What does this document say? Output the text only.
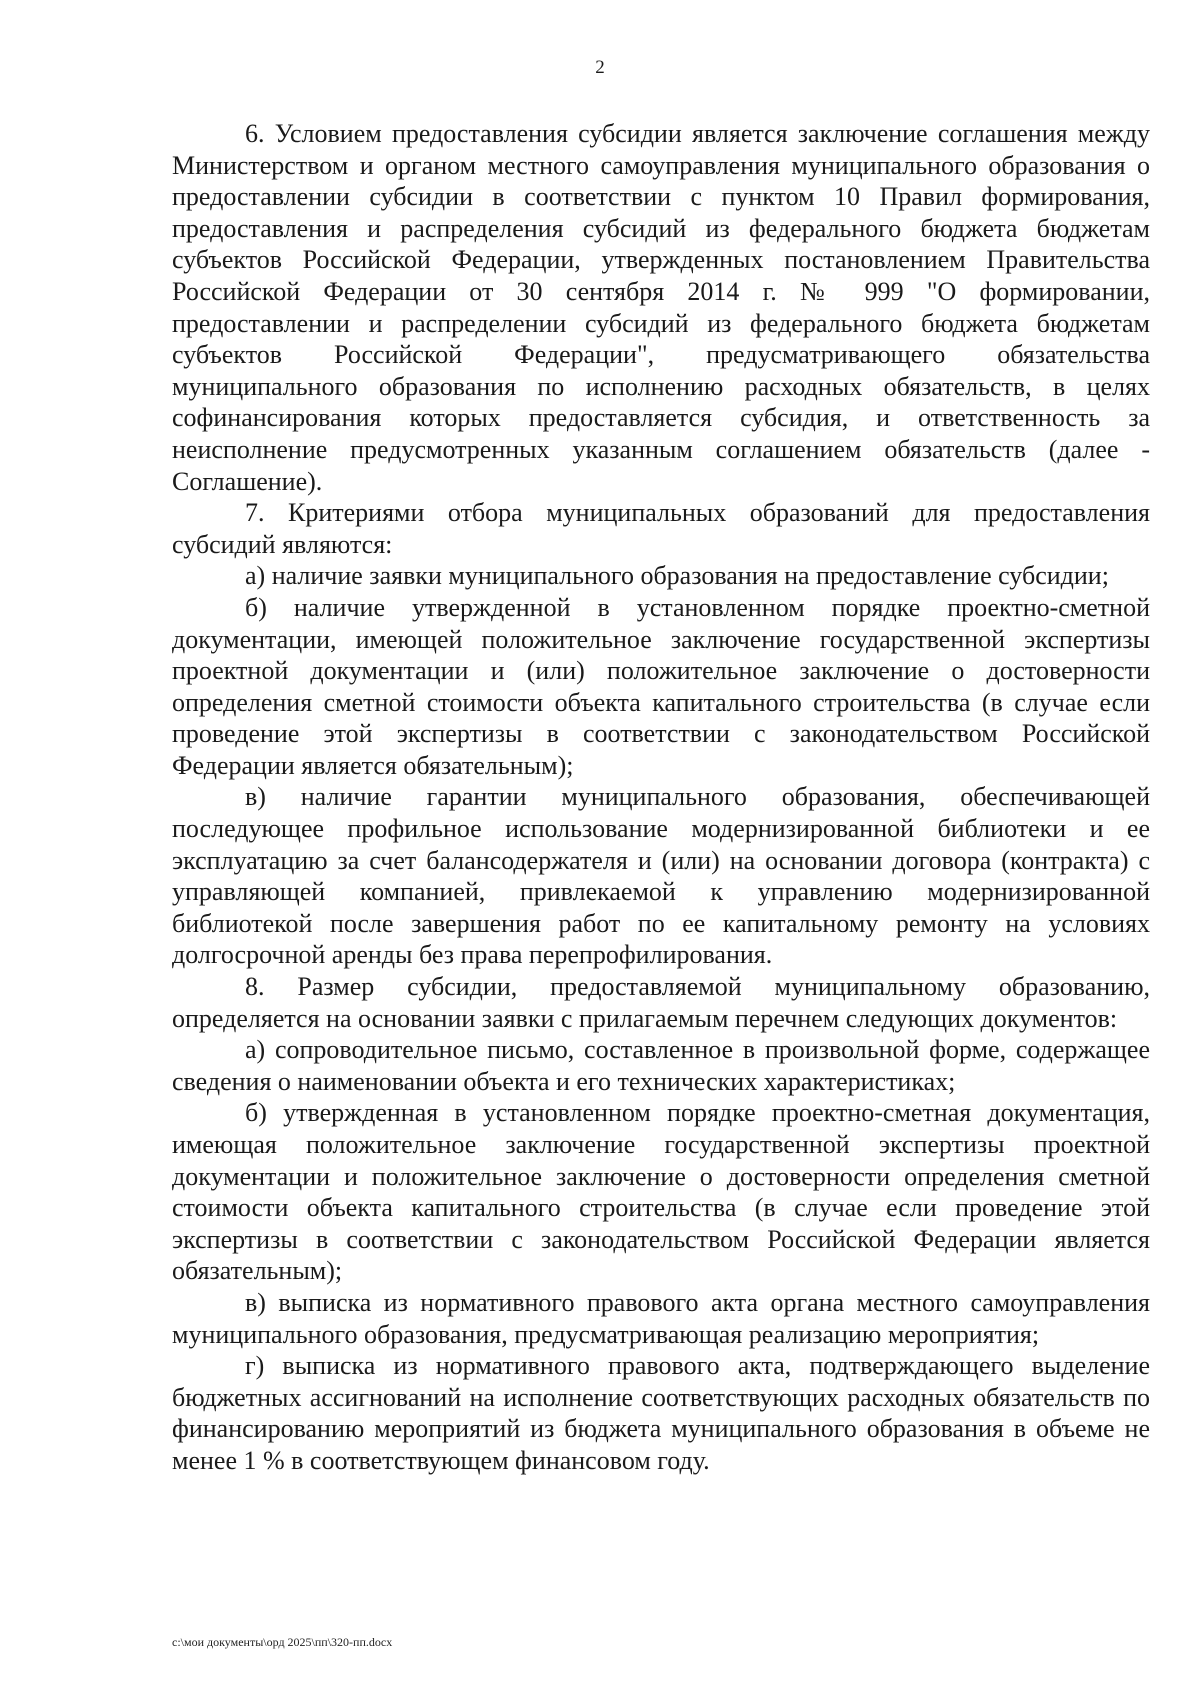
2

6. Условием предоставления субсидии является заключение соглашения между Министерством и органом местного самоуправления муниципального образования о предоставлении субсидии в соответствии с пунктом 10 Правил формирования, предоставления и распределения субсидий из федерального бюджета бюджетам субъектов Российской Федерации, утвержденных постановлением Правительства Российской Федерации от 30 сентября 2014 г. № 999 "О формировании, предоставлении и распределении субсидий из федерального бюджета бюджетам субъектов Российской Федерации", предусматривающего обязательства муниципального образования по исполнению расходных обязательств, в целях софинансирования которых предоставляется субсидия, и ответственность за неисполнение предусмотренных указанным соглашением обязательств (далее - Соглашение).

7. Критериями отбора муниципальных образований для предоставления субсидий являются:

а) наличие заявки муниципального образования на предоставление субсидии;

б) наличие утвержденной в установленном порядке проектно-сметной документации, имеющей положительное заключение государственной экспертизы проектной документации и (или) положительное заключение о достоверности определения сметной стоимости объекта капитального строительства (в случае если проведение этой экспертизы в соответствии с законодательством Российской Федерации является обязательным);

в) наличие гарантии муниципального образования, обеспечивающей последующее профильное использование модернизированной библиотеки и ее эксплуатацию за счет балансодержателя и (или) на основании договора (контракта) с управляющей компанией, привлекаемой к управлению модернизированной библиотекой после завершения работ по ее капитальному ремонту на условиях долгосрочной аренды без права перепрофилирования.

8. Размер субсидии, предоставляемой муниципальному образованию, определяется на основании заявки с прилагаемым перечнем следующих документов:

а) сопроводительное письмо, составленное в произвольной форме, содержащее сведения о наименовании объекта и его технических характеристиках;

б) утвержденная в установленном порядке проектно-сметная документация, имеющая положительное заключение государственной экспертизы проектной документации и положительное заключение о достоверности определения сметной стоимости объекта капитального строительства (в случае если проведение этой экспертизы в соответствии с законодательством Российской Федерации является обязательным);

в) выписка из нормативного правового акта органа местного самоуправления муниципального образования, предусматривающая реализацию мероприятия;

г) выписка из нормативного правового акта, подтверждающего выделение бюджетных ассигнований на исполнение соответствующих расходных обязательств по финансированию мероприятий из бюджета муниципального образования в объеме не менее 1 % в соответствующем финансовом году.

c:\мои документы\орд 2025\пп\320-пп.docx
